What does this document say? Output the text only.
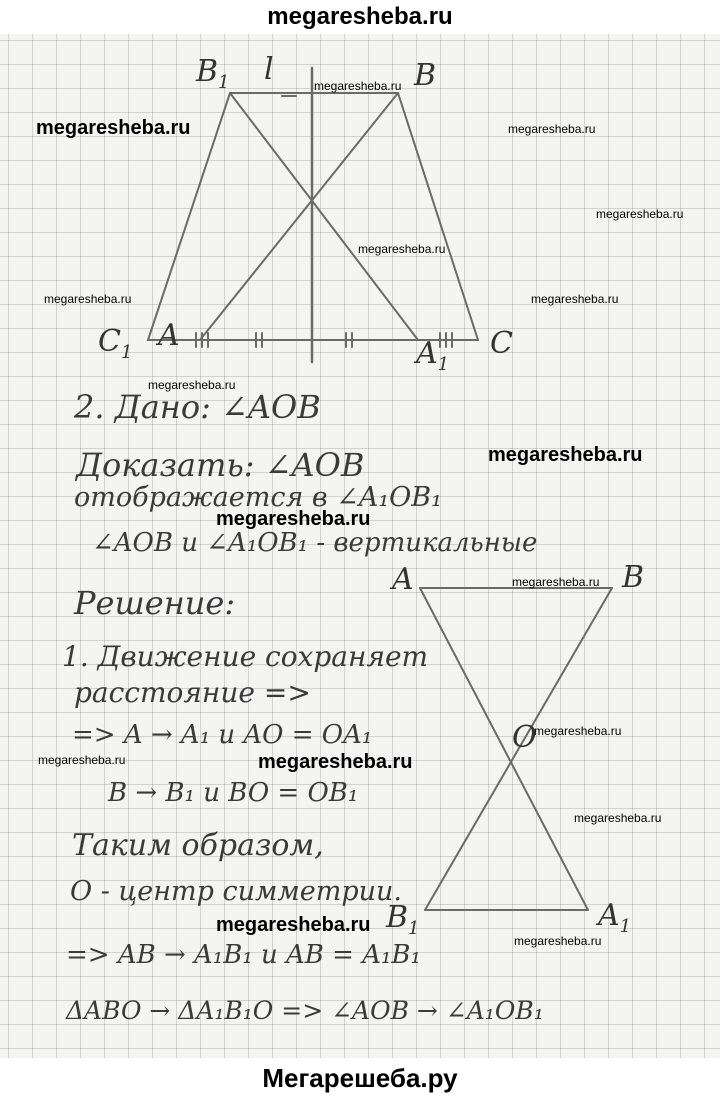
megaresheba.ru
$B_1$ l	B
$C_1$ A
$A_1$
C
A	B
O
$B_1$	$A_1$
2. Дано: ∠AOB
Доказать: ∠AOB
отображается в ∠A₁OB₁
∠AOB и ∠A₁OB₁ - вертикальные
Решение:
1. Движение сохраняет
расстояние =>
=> A → A₁ и AO = OA₁
B → B₁ и BO = OB₁
Таким образом,
O - центр симметрии.
=> AB → A₁B₁ и AB = A₁B₁
ΔABO → ΔA₁B₁O => ∠AOB → ∠A₁OB₁
megaresheba.ru
megaresheba.ru	megaresheba.ru
megaresheba.ru
megaresheba.ru
megaresheba.ru	megaresheba.ru
megaresheba.ru
megaresheba.ru
megaresheba.ru
megaresheba.ru
megaresheba.ru
megaresheba.ru	megaresheba.ru
megaresheba.ru
megaresheba.ru
megaresheba.ru
Мегарешеба.ру
